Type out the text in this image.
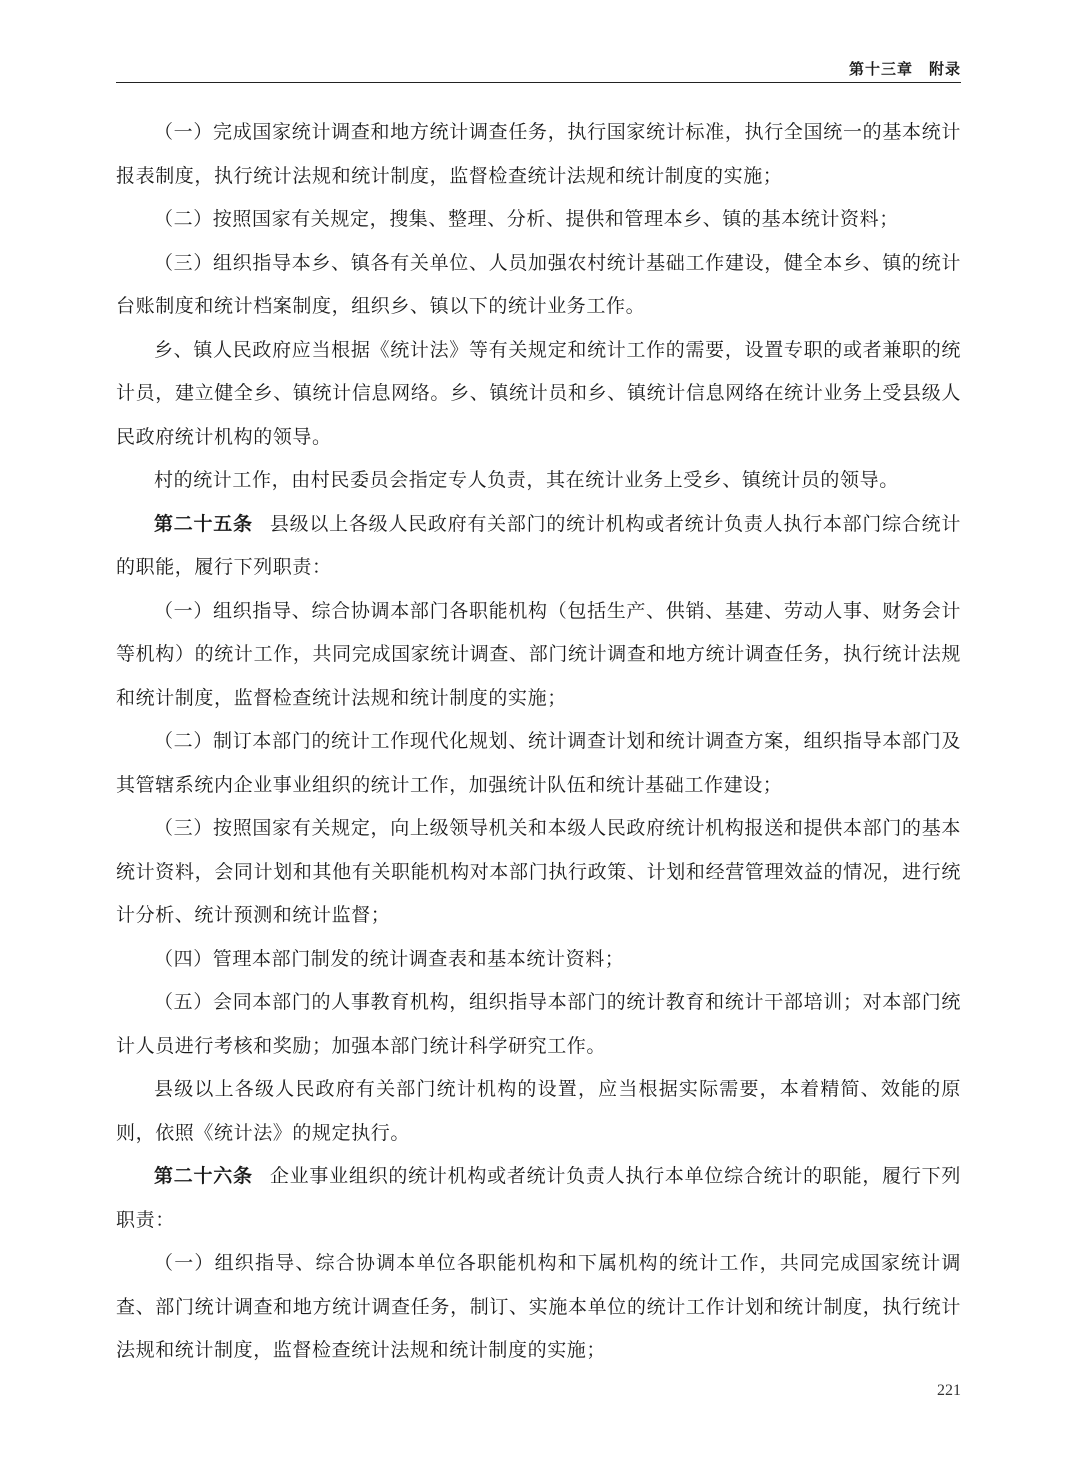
第十三章　附录

（一）完成国家统计调查和地方统计调查任务，执行国家统计标准，执行全国统一的基本统计报表制度，执行统计法规和统计制度，监督检查统计法规和统计制度的实施；

（二）按照国家有关规定，搜集、整理、分析、提供和管理本乡、镇的基本统计资料；

（三）组织指导本乡、镇各有关单位、人员加强农村统计基础工作建设，健全本乡、镇的统计台账制度和统计档案制度，组织乡、镇以下的统计业务工作。

乡、镇人民政府应当根据《统计法》等有关规定和统计工作的需要，设置专职的或者兼职的统计员，建立健全乡、镇统计信息网络。乡、镇统计员和乡、镇统计信息网络在统计业务上受县级人民政府统计机构的领导。

村的统计工作，由村民委员会指定专人负责，其在统计业务上受乡、镇统计员的领导。

第二十五条 县级以上各级人民政府有关部门的统计机构或者统计负责人执行本部门综合统计的职能，履行下列职责：

（一）组织指导、综合协调本部门各职能机构（包括生产、供销、基建、劳动人事、财务会计等机构）的统计工作，共同完成国家统计调查、部门统计调查和地方统计调查任务，执行统计法规和统计制度，监督检查统计法规和统计制度的实施；

（二）制订本部门的统计工作现代化规划、统计调查计划和统计调查方案，组织指导本部门及其管辖系统内企业事业组织的统计工作，加强统计队伍和统计基础工作建设；

（三）按照国家有关规定，向上级领导机关和本级人民政府统计机构报送和提供本部门的基本统计资料，会同计划和其他有关职能机构对本部门执行政策、计划和经营管理效益的情况，进行统计分析、统计预测和统计监督；

（四）管理本部门制发的统计调查表和基本统计资料；

（五）会同本部门的人事教育机构，组织指导本部门的统计教育和统计干部培训；对本部门统计人员进行考核和奖励；加强本部门统计科学研究工作。

县级以上各级人民政府有关部门统计机构的设置，应当根据实际需要，本着精简、效能的原则，依照《统计法》的规定执行。

第二十六条 企业事业组织的统计机构或者统计负责人执行本单位综合统计的职能，履行下列职责：

（一）组织指导、综合协调本单位各职能机构和下属机构的统计工作，共同完成国家统计调查、部门统计调查和地方统计调查任务，制订、实施本单位的统计工作计划和统计制度，执行统计法规和统计制度，监督检查统计法规和统计制度的实施；

221
